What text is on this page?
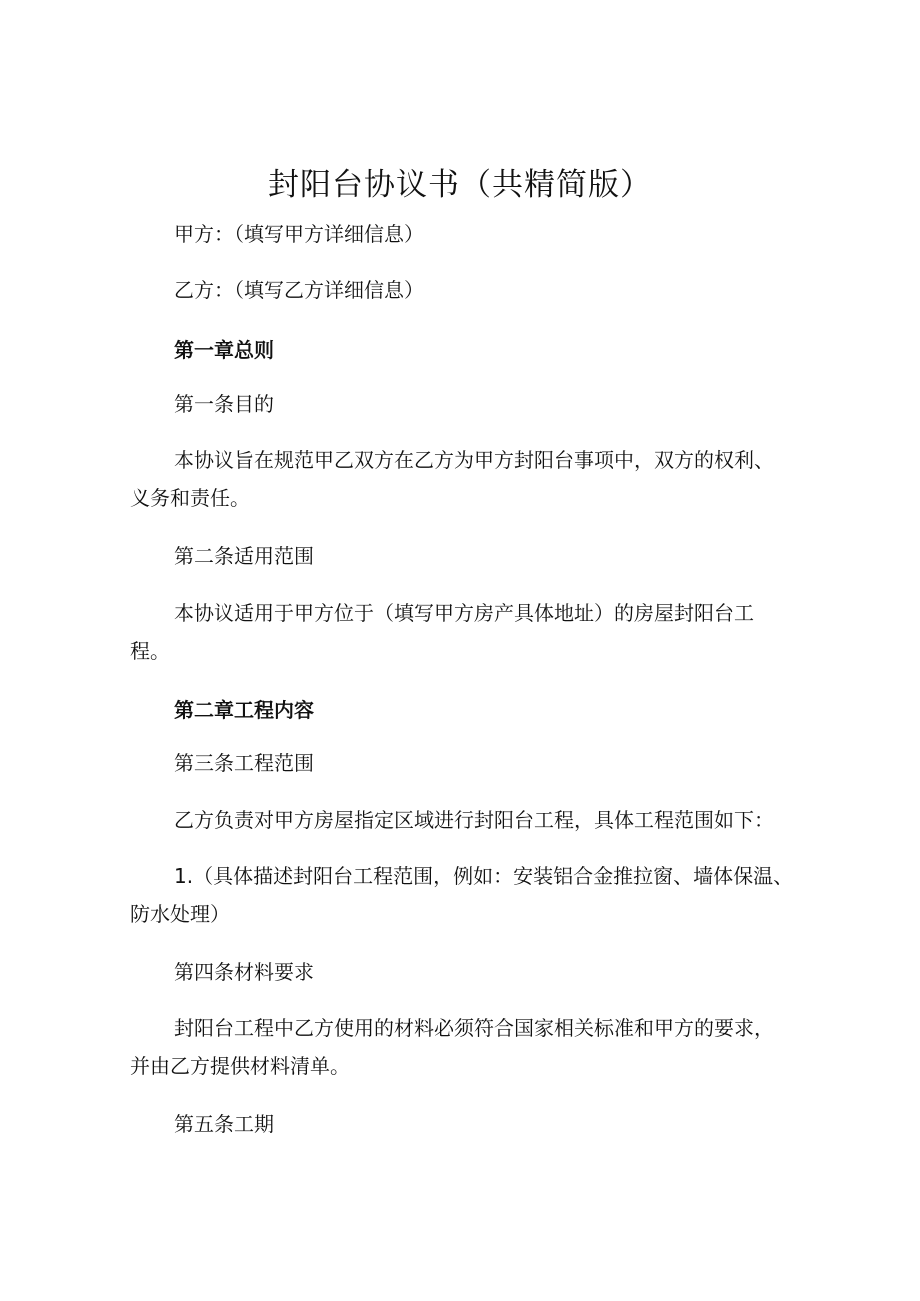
封阳台协议书（共精简版）
甲方：（填写甲方详细信息）
乙方：（填写乙方详细信息）
第一章总则
第一条目的
本协议旨在规范甲乙双方在乙方为甲方封阳台事项中，双方的权利、
义务和责任。
第二条适用范围
本协议适用于甲方位于（填写甲方房产具体地址）的房屋封阳台工
程。
第二章工程内容
第三条工程范围
乙方负责对甲方房屋指定区域进行封阳台工程，具体工程范围如下：
1.（具体描述封阳台工程范围，例如：安装铝合金推拉窗、墙体保温、
防水处理）
第四条材料要求
封阳台工程中乙方使用的材料必须符合国家相关标准和甲方的要求，
并由乙方提供材料清单。
第五条工期
